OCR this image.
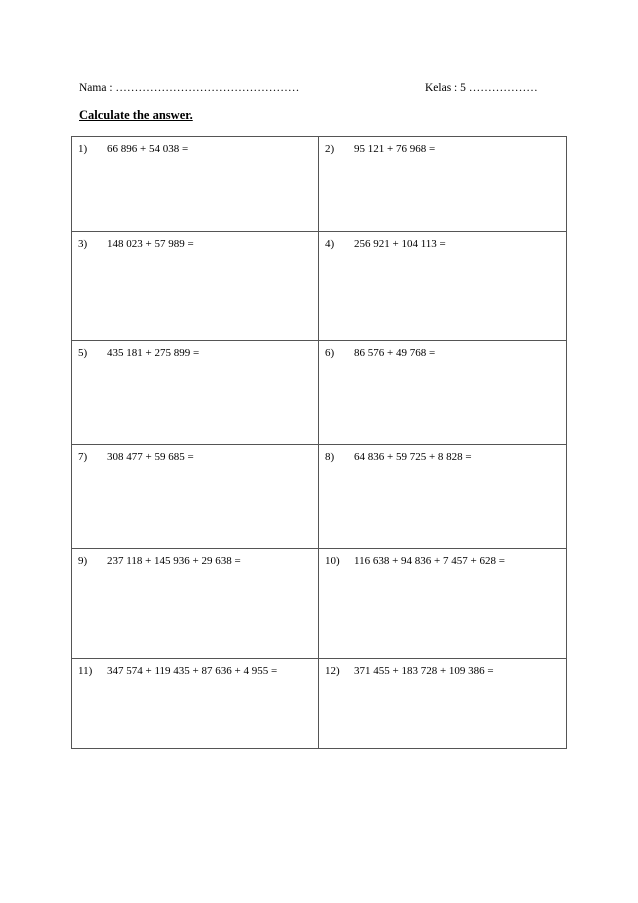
Nama : …………………………………………	Kelas : 5 ………………
Calculate the answer.
1) 66 896 + 54 038 =	2) 95 121 + 76 968 =

3) 148 023 + 57 989 =	4) 256 921 + 104 113 =

5) 435 181 + 275 899 =	6) 86 576 + 49 768 =

7) 308 477 + 59 685 =	8) 64 836 + 59 725 + 8 828 =

9) 237 118 + 145 936 + 29 638 =	10) 116 638 + 94 836 + 7 457 + 628 =

11) 347 574 + 119 435 + 87 636 + 4 955 =	12) 371 455 + 183 728 + 109 386 =
